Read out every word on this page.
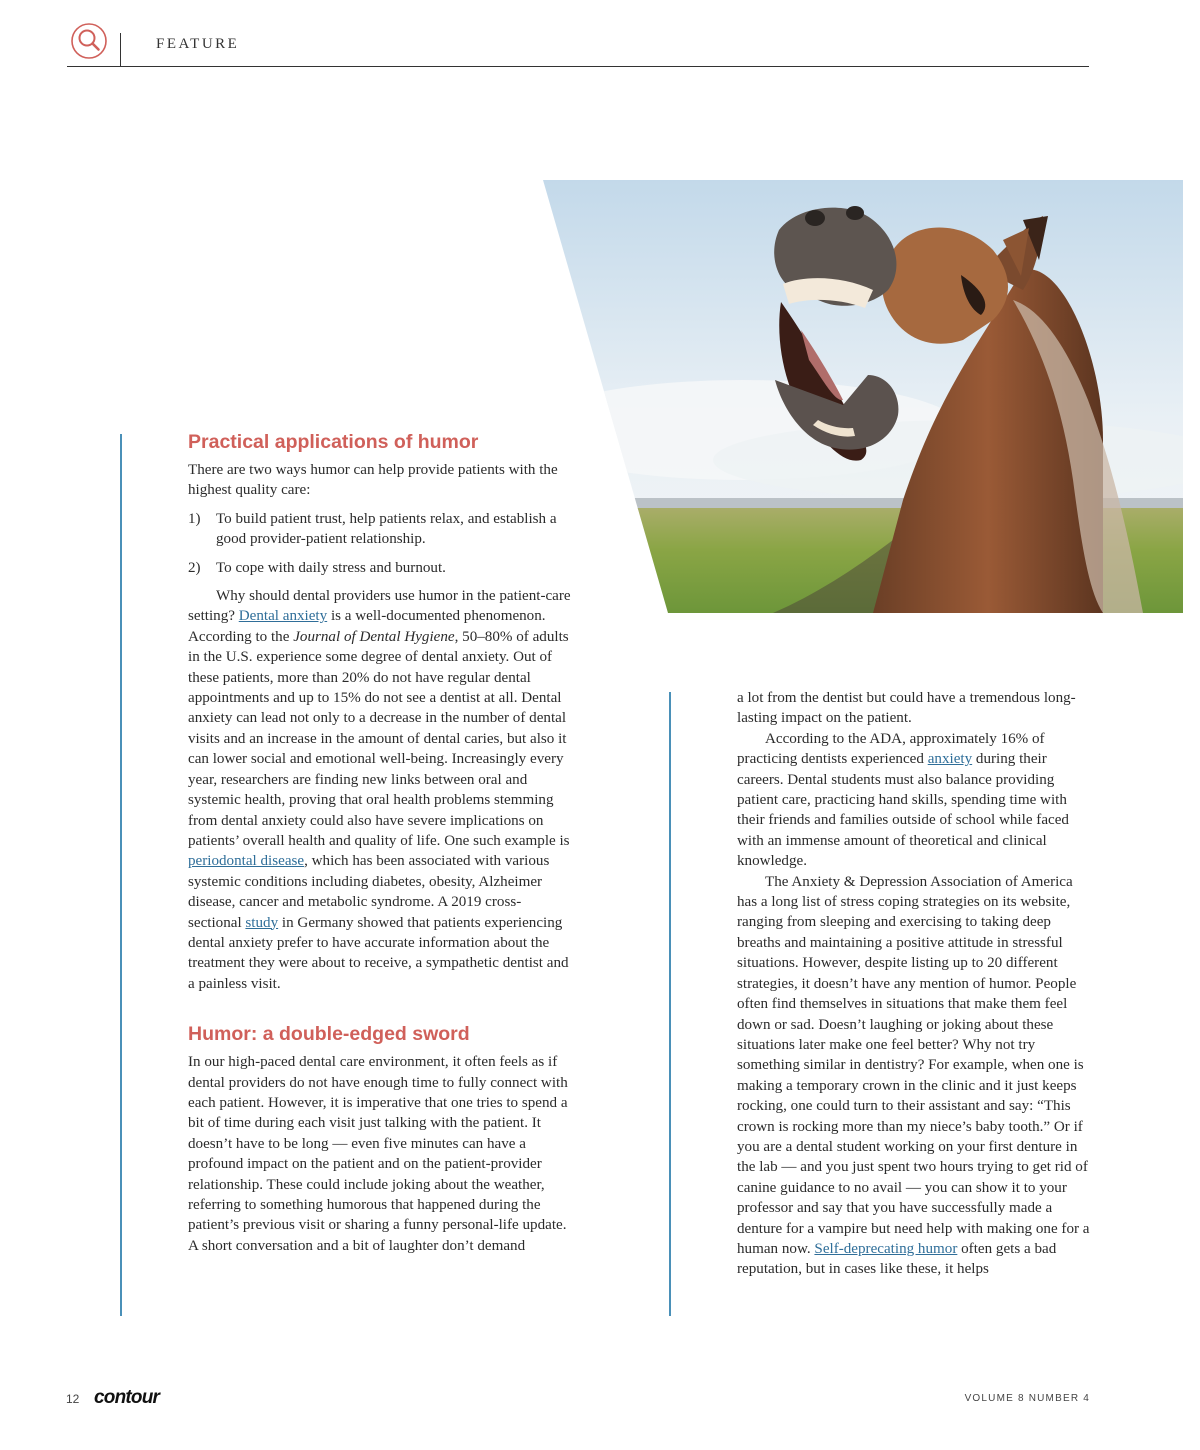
FEATURE
Practical applications of humor

There are two ways humor can help provide patients with the highest quality care:

1)	To build patient trust, help patients relax, and establish a good provider-patient relationship.
2)	To cope with daily stress and burnout.

Why should dental providers use humor in the patient-care setting? Dental anxiety is a well-documented phenomenon. According to the Journal of Dental Hygiene, 50–80% of adults in the U.S. experience some degree of dental anxiety. Out of these patients, more than 20% do not have regular dental appointments and up to 15% do not see a dentist at all. Dental anxiety can lead not only to a decrease in the number of dental visits and an increase in the amount of dental caries, but also it can lower social and emotional well-being. Increasingly every year, researchers are finding new links between oral and systemic health, proving that oral health problems stemming from dental anxiety could also have severe implications on patients’ overall health and quality of life. One such example is periodontal disease, which has been associated with various systemic conditions including diabetes, obesity, Alzheimer disease, cancer and metabolic syndrome. A 2019 cross-sectional study in Germany showed that patients experiencing dental anxiety prefer to have accurate information about the treatment they were about to receive, a sympathetic dentist and a painless visit.

Humor: a double-edged sword

In our high-paced dental care environment, it often feels as if dental providers do not have enough time to fully connect with each patient. However, it is imperative that one tries to spend a bit of time during each visit just talking with the patient. It doesn’t have to be long — even five minutes can have a profound impact on the patient and on the patient-provider relationship. These could include joking about the weather, referring to something humorous that happened during the patient’s previous visit or sharing a funny personal-life update. A short conversation and a bit of laughter don’t demand

a lot from the dentist but could have a tremendous long-lasting impact on the patient.

According to the ADA, approximately 16% of practicing dentists experienced anxiety during their careers. Dental students must also balance providing patient care, practicing hand skills, spending time with their friends and families outside of school while faced with an immense amount of theoretical and clinical knowledge.

The Anxiety & Depression Association of America has a long list of stress coping strategies on its website, ranging from sleeping and exercising to taking deep breaths and maintaining a positive attitude in stressful situations. However, despite listing up to 20 different strategies, it doesn’t have any mention of humor. People often find themselves in situations that make them feel down or sad. Doesn’t laughing or joking about these situations later make one feel better? Why not try something similar in dentistry? For example, when one is making a temporary crown in the clinic and it just keeps rocking, one could turn to their assistant and say: “This crown is rocking more than my niece’s baby tooth.” Or if you are a dental student working on your first denture in the lab — and you just spent two hours trying to get rid of canine guidance to no avail — you can show it to your professor and say that you have successfully made a denture for a vampire but need help with making one for a human now. Self-deprecating humor often gets a bad reputation, but in cases like these, it helps

12 contour	VOLUME 8 NUMBER 4
